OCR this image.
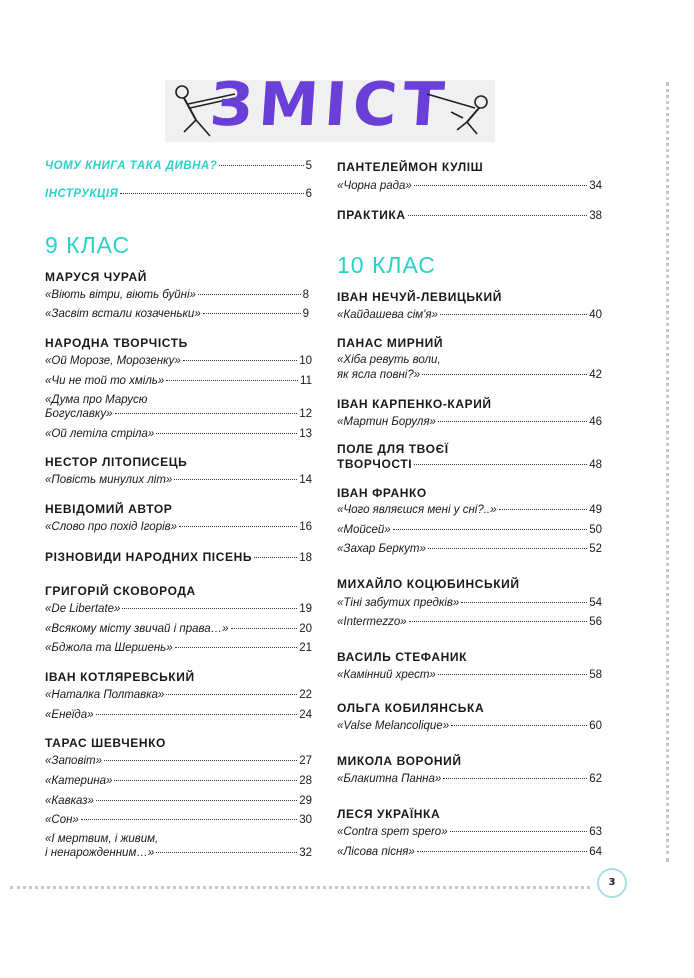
ЗМІСТ
3
ЧОМУ КНИГА ТАКА ДИВНА?	5
ІНСТРУКЦІЯ	6
9 КЛАС
МАРУСЯ ЧУРАЙ
«Віють вітри, віють буйні»	8
«Засвіт встали козаченьки»	9
НАРОДНА ТВОРЧІСТЬ
«Ой Морозе, Морозенку»	10
«Чи не той то хміль»	11
«Дума про Марусю
Богуславку»	12
«Ой летіла стріла»	13
НЕСТОР ЛІТОПИСЕЦЬ
«Повість минулих літ»	14
НЕВІДОМИЙ АВТОР
«Слово про похід Ігорів»	16
РІЗНОВИДИ НАРОДНИХ ПІСЕНЬ	18
ГРИГОРІЙ СКОВОРОДА
«De Libertate»	19
«Всякому місту звичай і права…»	20
«Бджола та Шершень»	21
ІВАН КОТЛЯРЕВСЬКИЙ
«Наталка Полтавка»	22
«Енеїда»	24
ТАРАС ШЕВЧЕНКО
«Заповіт»	27
«Катерина»	28
«Кавказ»	29
«Сон»	30
«І мертвим, і живим,
і ненарожденним…»	32
ПАНТЕЛЕЙМОН КУЛІШ
«Чорна рада»	34
ПРАКТИКА	38
10 КЛАС
ІВАН НЕЧУЙ-ЛЕВИЦЬКИЙ
«Кайдашева сім'я»	40
ПАНАС МИРНИЙ
«Хіба ревуть воли,
як ясла повні?»	42
ІВАН КАРПЕНКО-КАРИЙ
«Мартин Боруля»	46
ПОЛЕ ДЛЯ ТВОЄЇ
ТВОРЧОСТІ	48
ІВАН ФРАНКО
«Чого являєшся мені у сні?..»	49
«Мойсей»	50
«Захар Беркут»	52
МИХАЙЛО КОЦЮБИНСЬКИЙ
«Тіні забутих предків»	54
«Intermezzo»	56
ВАСИЛЬ СТЕФАНИК
«Камінний хрест»	58
ОЛЬГА КОБИЛЯНСЬКА
«Valse Melancolique»	60
МИКОЛА ВОРОНИЙ
«Блакитна Панна»	62
ЛЕСЯ УКРАЇНКА
«Contra spem spero»	63
«Лісова пісня»	64
